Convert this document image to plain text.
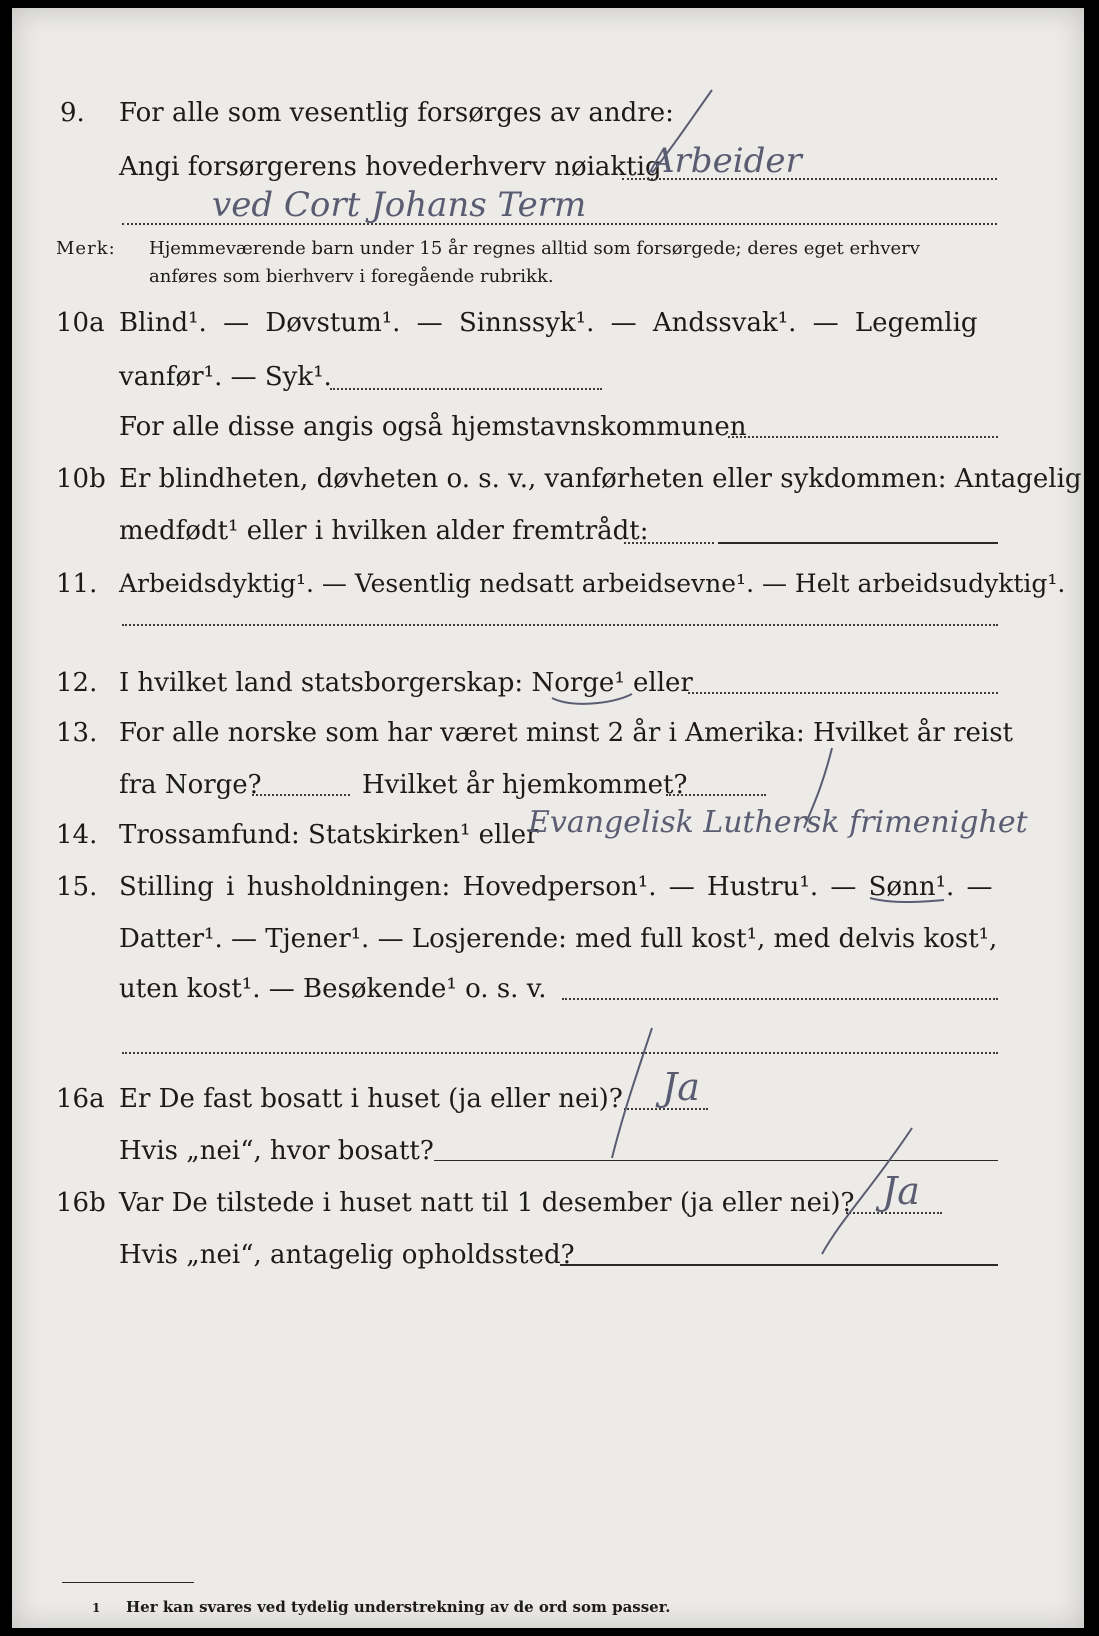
9. For alle som vesentlig forsørges av andre:
Angi forsørgerens hovederhverv nøiaktig
Arbeider
ved Cort Johans Term
Merk: Hjemmeværende barn under 15 år regnes alltid som forsørgede; deres eget erhverv
anføres som bierhverv i foregående rubrikk.
10a Blind¹. — Døvstum¹. — Sinnssyk¹. — Andssvak¹. — Legemlig
vanfør¹. — Syk¹.
For alle disse angis også hjemstavnskommunen
10b Er blindheten, døvheten o. s. v., vanførheten eller sykdommen: Antagelig
medfødt¹ eller i hvilken alder fremtrådt:
11. Arbeidsdyktig¹. — Vesentlig nedsatt arbeidsevne¹. — Helt arbeidsudyktig¹.
12. I hvilket land statsborgerskap: Norge¹ eller
13. For alle norske som har været minst 2 år i Amerika: Hvilket år reist
fra Norge?	Hvilket år hjemkommet?
14. Trossamfund: Statskirken¹ eller
Evangelisk Luthersk frimenighet
15. Stilling i husholdningen: Hovedperson¹. — Hustru¹. — Sønn¹. —
Datter¹. — Tjener¹. — Losjerende: med full kost¹, med delvis kost¹,
uten kost¹. — Besøkende¹ o. s. v.
16a Er De fast bosatt i huset (ja eller nei)? Ja
Hvis „nei“, hvor bosatt?
16b Var De tilstede i huset natt til 1 desember (ja eller nei)? Ja
Hvis „nei“, antagelig opholdssted?
1 Her kan svares ved tydelig understrekning av de ord som passer.
